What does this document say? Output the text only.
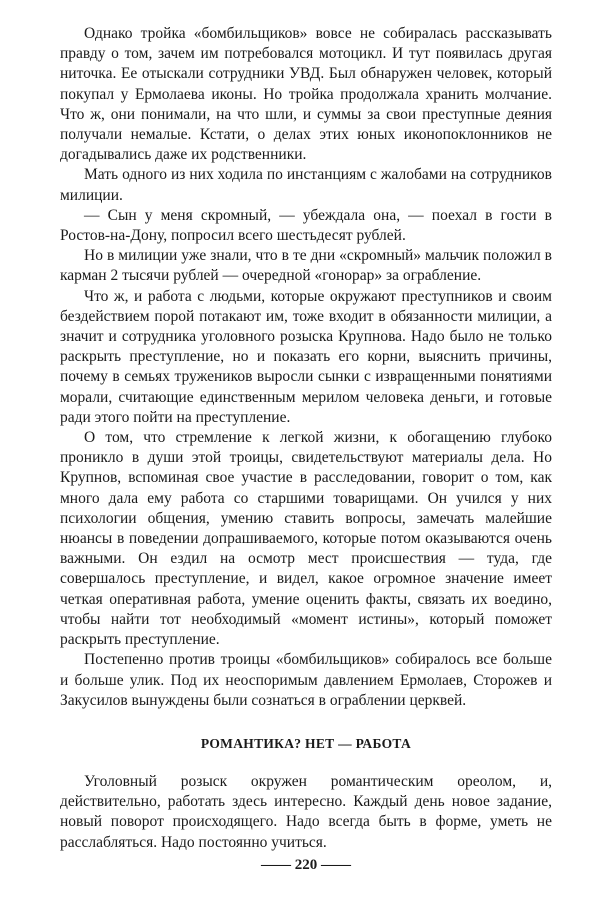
Однако тройка «бомбильщиков» вовсе не собиралась рассказывать правду о том, зачем им потребовался мотоцикл. И тут появилась другая ниточка. Ее отыскали сотрудники УВД. Был обнаружен человек, который покупал у Ермолаева иконы. Но тройка продолжала хранить молчание. Что ж, они понимали, на что шли, и суммы за свои преступные деяния получали немалые. Кстати, о делах этих юных иконопоклонников не догадывались даже их родственники.

Мать одного из них ходила по инстанциям с жалобами на сотрудников милиции.

— Сын у меня скромный, — убеждала она, — поехал в гости в Ростов-на-Дону, попросил всего шестьдесят рублей.

Но в милиции уже знали, что в те дни «скромный» мальчик положил в карман 2 тысячи рублей — очередной «гонорар» за ограбление.

Что ж, и работа с людьми, которые окружают преступников и своим бездействием порой потакают им, тоже входит в обязанности милиции, а значит и сотрудника уголовного розыска Крупнова. Надо было не только раскрыть преступление, но и показать его корни, выяснить причины, почему в семьях тружеников выросли сынки с извращенными понятиями морали, считающие единственным мерилом человека деньги, и готовые ради этого пойти на преступление.

О том, что стремление к легкой жизни, к обогащению глубоко проникло в души этой троицы, свидетельствуют материалы дела. Но Крупнов, вспоминая свое участие в расследовании, говорит о том, как много дала ему работа со старшими товарищами. Он учился у них психологии общения, умению ставить вопросы, замечать малейшие нюансы в поведении допрашиваемого, которые потом оказываются очень важными. Он ездил на осмотр мест происшествия — туда, где совершалось преступление, и видел, какое огромное значение имеет четкая оперативная работа, умение оценить факты, связать их воедино, чтобы найти тот необходимый «момент истины», который поможет раскрыть преступление.

Постепенно против троицы «бомбильщиков» собиралось все больше и больше улик. Под их неоспоримым давлением Ермолаев, Сторожев и Закусилов вынуждены были сознаться в ограблении церквей.

РОМАНТИКА? НЕТ — РАБОТА

Уголовный розыск окружен романтическим ореолом, и, действительно, работать здесь интересно. Каждый день новое задание, новый поворот происходящего. Надо всегда быть в форме, уметь не расслабляться. Надо постоянно учиться.

—— 220 ——
